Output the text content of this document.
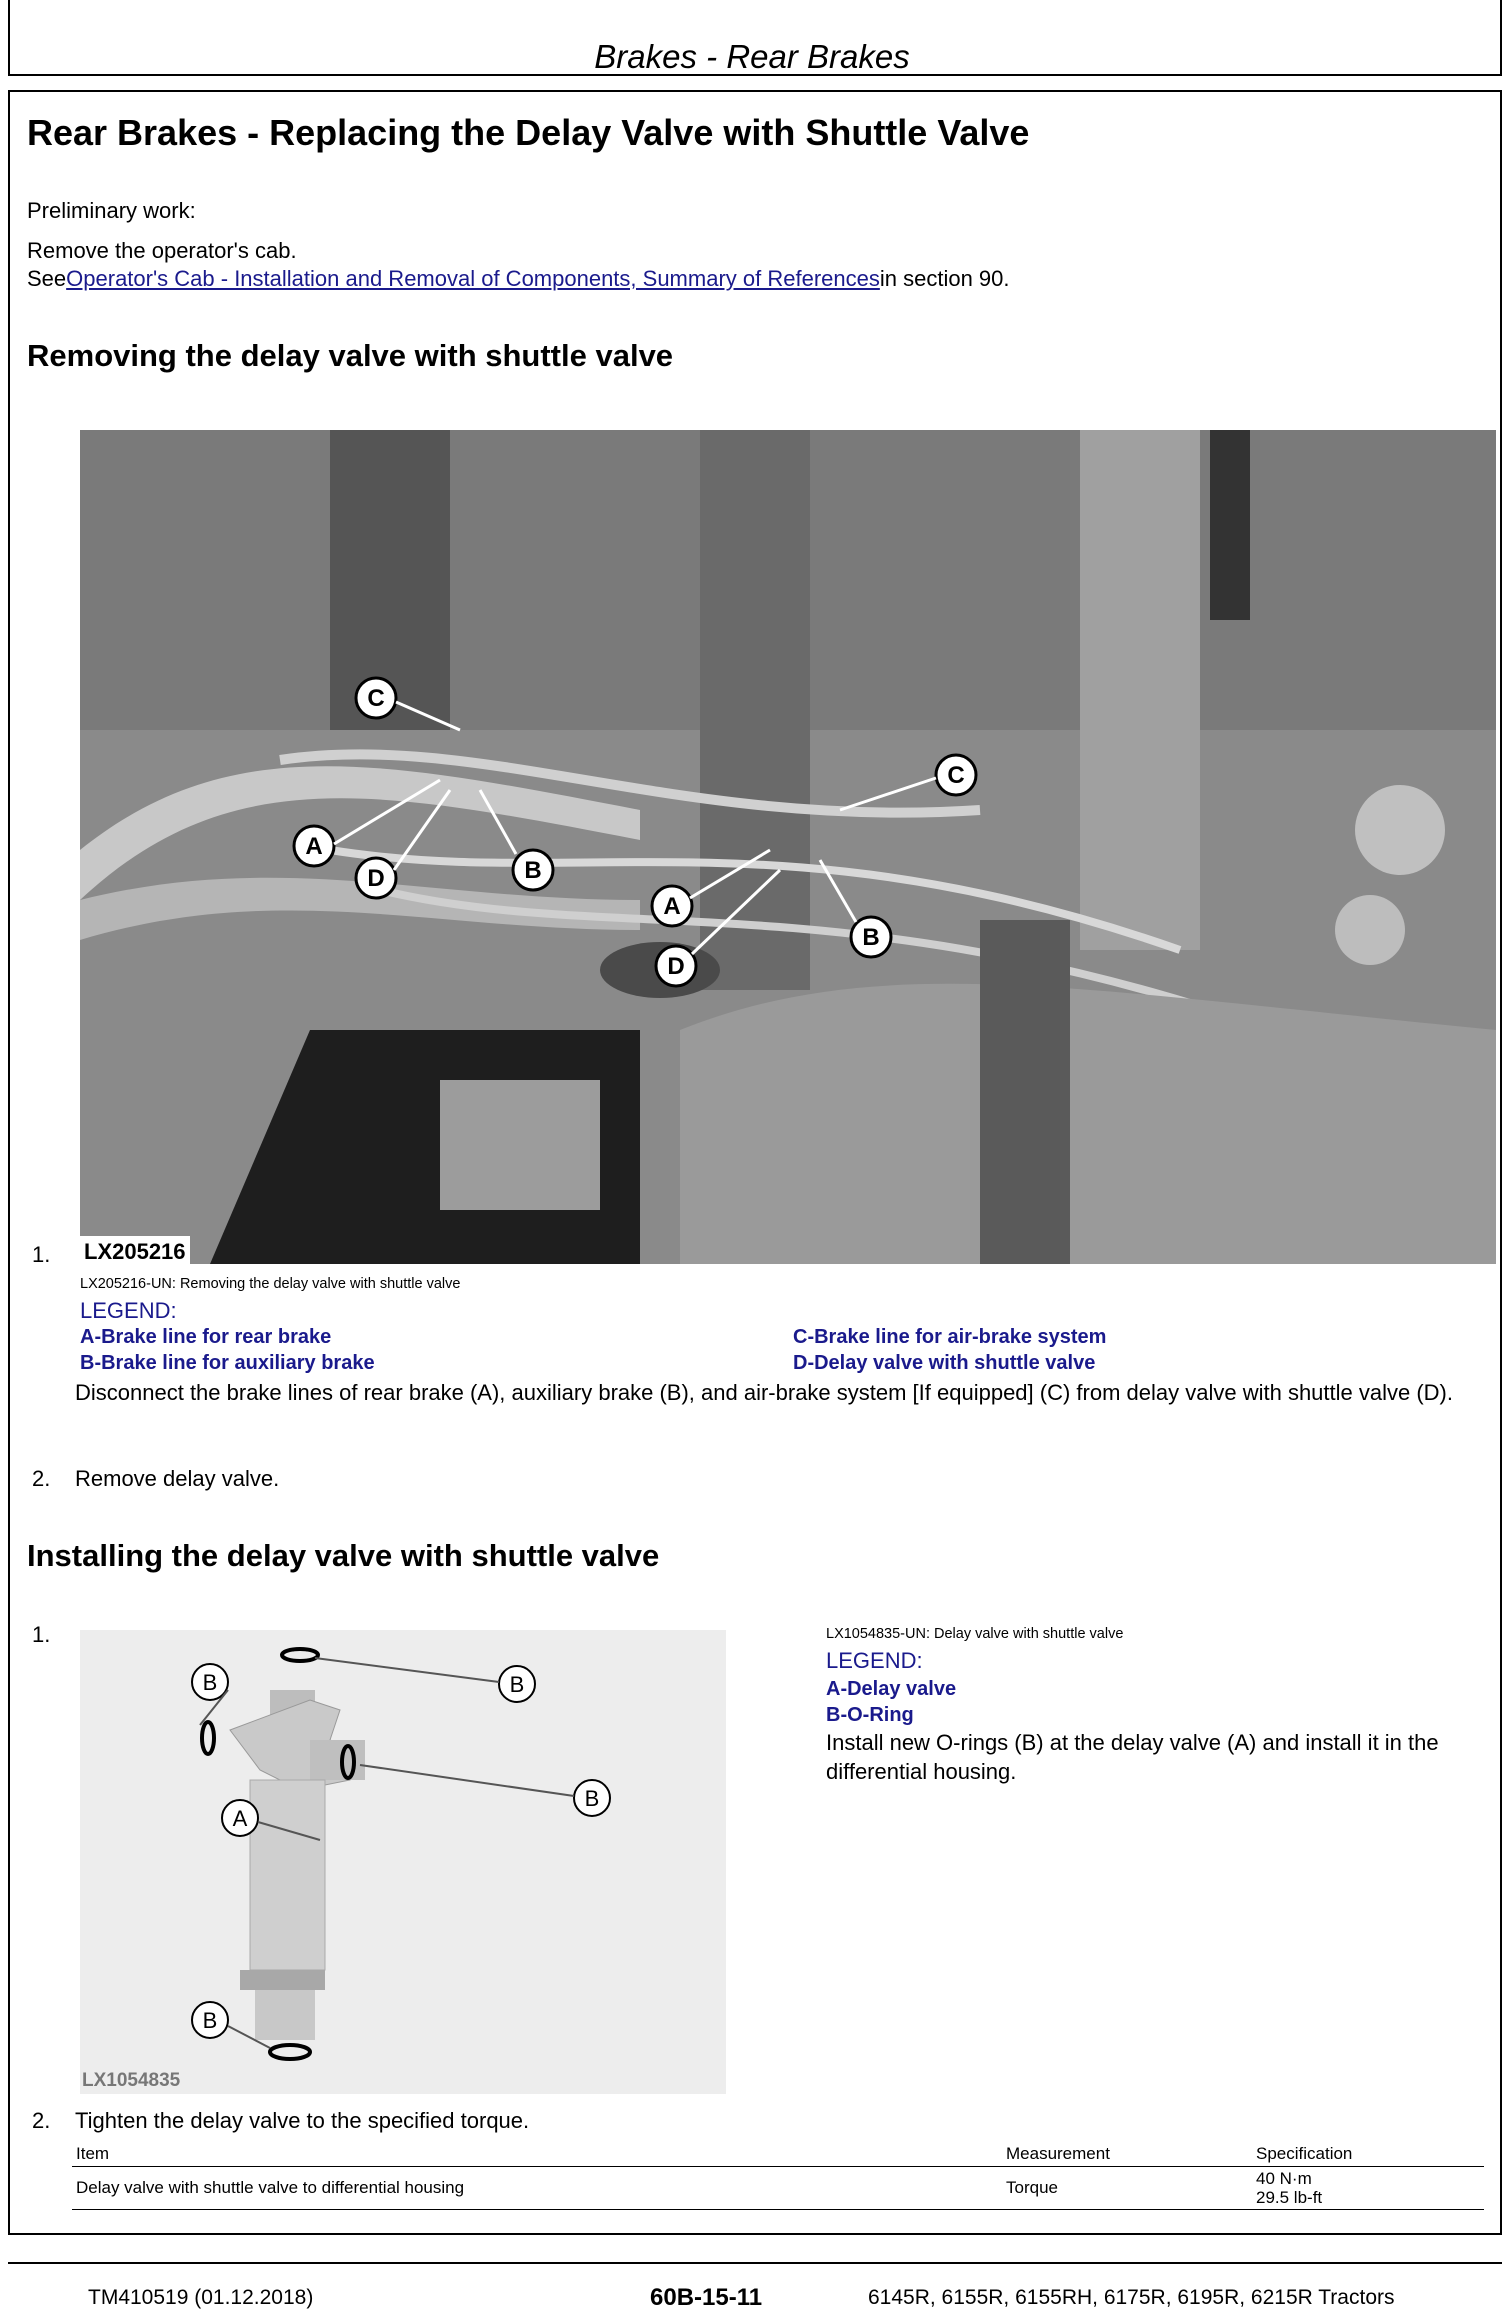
Brakes - Rear Brakes
Rear Brakes - Replacing the Delay Valve with Shuttle Valve
Preliminary work:
Remove the operator's cab.
SeeOperator's Cab - Installation and Removal of Components, Summary of Referencesin section 90.
Removing the delay valve with shuttle valve
C
A
D	B
C
A
D
B
LX205216
1.
LX205216-UN: Removing the delay valve with shuttle valve
LEGEND:
A-Brake line for rear brake
B-Brake line for auxiliary brake
C-Brake line for air-brake system
D-Delay valve with shuttle valve
Disconnect the brake lines of rear brake (A), auxiliary brake (B), and air-brake system [If equipped] (C) from delay valve with shuttle valve (D).
2. Remove delay valve.
Installing the delay valve with shuttle valve
1.
B	B
B
A
B
LX1054835
LX1054835-UN: Delay valve with shuttle valve
LEGEND:
A-Delay valve
B-O-Ring
Install new O-rings (B) at the delay valve (A) and install it in the differential housing.
2. Tighten the delay valve to the specified torque.
Item	Measurement	Specification
Delay valve with shuttle valve to differential housing	Torque	40 N·m
29.5 lb-ft
TM410519 (01.12.2018)	60B-15-11	6145R, 6155R, 6155RH, 6175R, 6195R, 6215R Tractors
